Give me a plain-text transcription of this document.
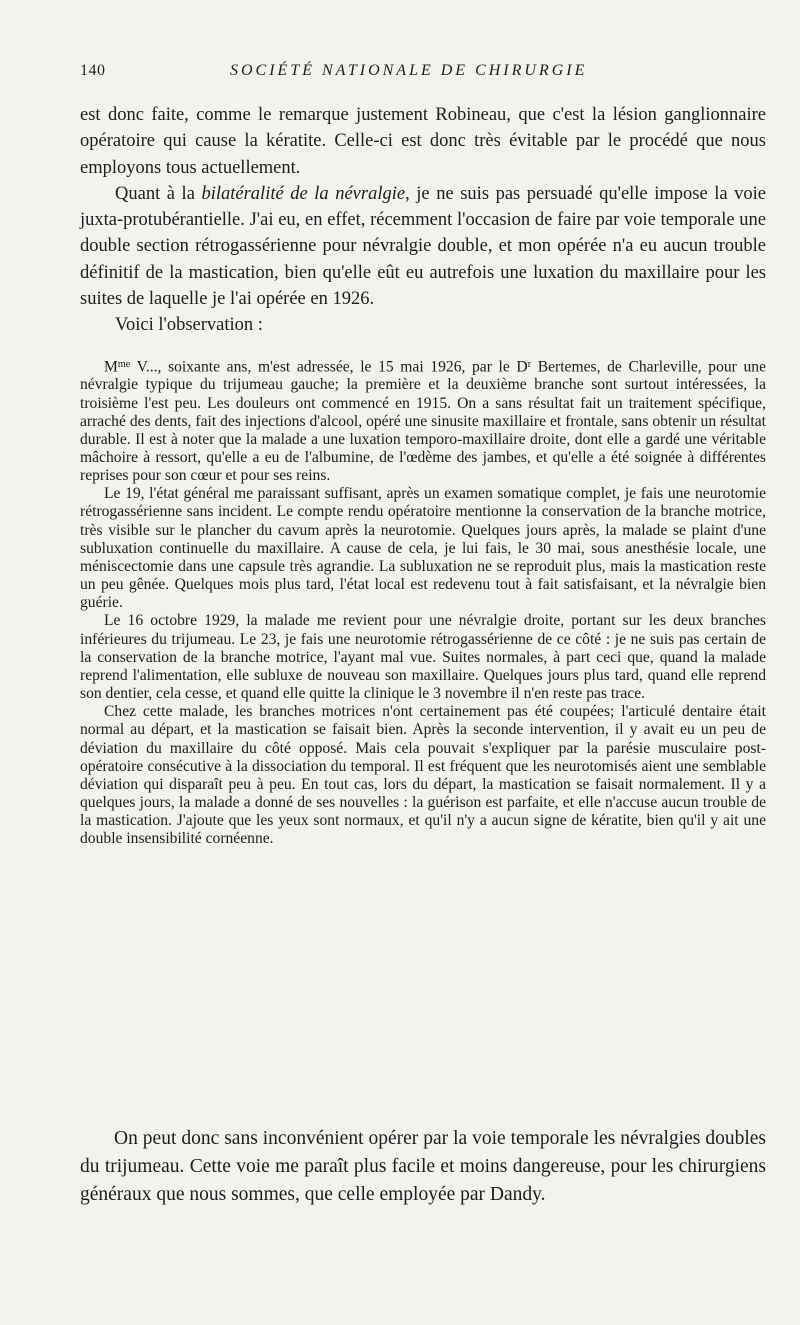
140	SOCIÉTÉ NATIONALE DE CHIRURGIE

est donc faite, comme le remarque justement Robineau, que c'est la lésion ganglionnaire opératoire qui cause la kératite. Celle-ci est donc très évitable par le procédé que nous employons tous actuellement.

Quant à la bilatéralité de la névralgie, je ne suis pas persuadé qu'elle impose la voie juxta-protubérantielle. J'ai eu, en effet, récemment l'occasion de faire par voie temporale une double section rétrogassérienne pour névralgie double, et mon opérée n'a eu aucun trouble définitif de la mastication, bien qu'elle eût eu autrefois une luxation du maxillaire pour les suites de laquelle je l'ai opérée en 1926.

Voici l'observation :

$M^{me}$ V..., soixante ans, m'est adressée, le 15 mai 1926, par le $D^r$ Bertemes, de Charleville, pour une névralgie typique du trijumeau gauche; la première et la deuxième branche sont surtout intéressées, la troisième l'est peu. Les douleurs ont commencé en 1915. On a sans résultat fait un traitement spécifique, arraché des dents, fait des injections d'alcool, opéré une sinusite maxillaire et frontale, sans obtenir un résultat durable. Il est à noter que la malade a une luxation temporo-maxillaire droite, dont elle a gardé une véritable mâchoire à ressort, qu'elle a eu de l'albumine, de l'œdème des jambes, et qu'elle a été soignée à différentes reprises pour son cœur et pour ses reins.

Le 19, l'état général me paraissant suffisant, après un examen somatique complet, je fais une neurotomie rétrogassérienne sans incident. Le compte rendu opératoire mentionne la conservation de la branche motrice, très visible sur le plancher du cavum après la neurotomie. Quelques jours après, la malade se plaint d'une subluxation continuelle du maxillaire. A cause de cela, je lui fais, le 30 mai, sous anesthésie locale, une méniscectomie dans une capsule très agrandie. La subluxation ne se reproduit plus, mais la mastication reste un peu gênée. Quelques mois plus tard, l'état local est redevenu tout à fait satisfaisant, et la névralgie bien guérie.

Le 16 octobre 1929, la malade me revient pour une névralgie droite, portant sur les deux branches inférieures du trijumeau. Le 23, je fais une neurotomie rétrogassérienne de ce côté : je ne suis pas certain de la conservation de la branche motrice, l'ayant mal vue. Suites normales, à part ceci que, quand la malade reprend l'alimentation, elle subluxe de nouveau son maxillaire. Quelques jours plus tard, quand elle reprend son dentier, cela cesse, et quand elle quitte la clinique le 3 novembre il n'en reste pas trace.

Chez cette malade, les branches motrices n'ont certainement pas été coupées; l'articulé dentaire était normal au départ, et la mastication se faisait bien. Après la seconde intervention, il y avait eu un peu de déviation du maxillaire du côté opposé. Mais cela pouvait s'expliquer par la parésie musculaire post-opératoire consécutive à la dissociation du temporal. Il est fréquent que les neurotomisés aient une semblable déviation qui disparaît peu à peu. En tout cas, lors du départ, la mastication se faisait normalement. Il y a quelques jours, la malade a donné de ses nouvelles : la guérison est parfaite, et elle n'accuse aucun trouble de la mastication. J'ajoute que les yeux sont normaux, et qu'il n'y a aucun signe de kératite, bien qu'il y ait une double insensibilité cornéenne.

On peut donc sans inconvénient opérer par la voie temporale les névralgies doubles du trijumeau. Cette voie me paraît plus facile et moins dangereuse, pour les chirurgiens généraux que nous sommes, que celle employée par Dandy.
